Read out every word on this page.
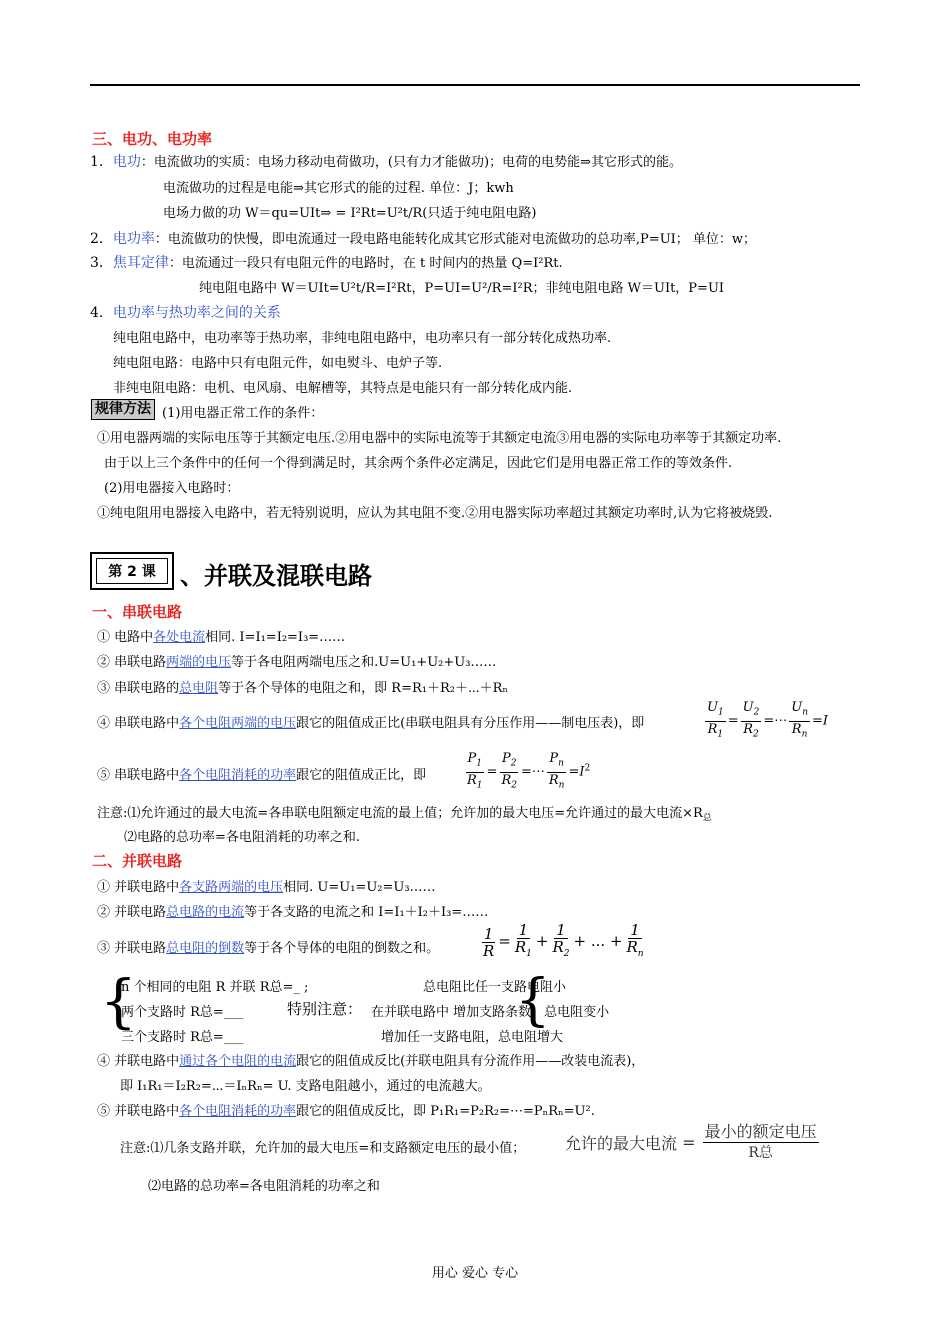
三、电功、电功率
1．电功：电流做功的实质：电场力移动电荷做功，(只有力才能做功)；电荷的电势能⇒其它形式的能。
电流做功的过程是电能⇒其它形式的能的过程. 单位：J；kwh
电场力做的功 W＝qu=UIt⇒ = I²Rt=U²t/R(只适于纯电阻电路)
2．电功率：电流做功的快慢，即电流通过一段电路电能转化成其它形式能对电流做功的总功率,P=UI； 单位：w；
3．焦耳定律：电流通过一段只有电阻元件的电路时，在 t 时间内的热量 Q=I²Rt.
纯电阻电路中 W＝UIt=U²t/R=I²Rt，P=UI=U²/R=I²R；非纯电阻电路 W＝UIt，P=UI
4．电功率与热功率之间的关系
纯电阻电路中，电功率等于热功率，非纯电阻电路中，电功率只有一部分转化成热功率.
纯电阻电路：电路中只有电阻元件，如电熨斗、电炉子等.
非纯电阻电路：电机、电风扇、电解槽等，其特点是电能只有一部分转化成内能.
规律方法 (1)用电器正常工作的条件：
①用电器两端的实际电压等于其额定电压.②用电器中的实际电流等于其额定电流③用电器的实际电功率等于其额定功率.
由于以上三个条件中的任何一个得到满足时，其余两个条件必定满足，因此它们是用电器正常工作的等效条件.
(2)用电器接入电路时：
①纯电阻用电器接入电路中，若无特别说明，应认为其电阻不变.②用电器实际功率超过其额定功率时,认为它将被烧毁.
第 2 课	、并联及混联电路
一、串联电路
① 电路中各处电流相同. I=I₁=I₂=I₃=……
② 串联电路两端的电压等于各电阻两端电压之和.U=U₁+U₂+U₃……
③ 串联电路的总电阻等于各个导体的电阻之和，即 R=R₁＋R₂＋⋯＋Rₙ
④ 串联电路中各个电阻两端的电压跟它的阻值成正比(串联电阻具有分压作用——制电压表)，即	$\frac{U_1}{R_1} = \frac{U_2}{R_2}$ =⋯ $\frac{U_n}{R_n} =I$
⑤ 串联电路中各个电阻消耗的功率跟它的阻值成正比，即	$\frac{P_1}{R_1} = \frac{P_2}{R_2}$ =⋯ $\frac{P_n}{R_n} =I^2$
注意:⑴允许通过的最大电流=各串联电阻额定电流的最上值；允许加的最大电压=允许通过的最大电流$\times R_总$
⑵电路的总功率=各电阻消耗的功率之和.
二、并联电路
① 并联电路中各支路两端的电压相同. U=U₁=U₂=U₃……
② 并联电路总电路的电流等于各支路的电流之和 I=I₁＋I₂＋I₃=……
③ 并联电路总电阻的倒数等于各个导体的电阻的倒数之和。	$\frac{1}{R} = \frac{1}{R_1} + \frac{1}{R_2}$ + ... + $\frac{1}{R_n}$
{
n 个相同的电阻 R 并联 R总=_ ;
两个支路时 R总=___
三个支路时 R总=___
特别注意：	{
总电阻比任一支路电阻小
在并联电路中 增加支路条数，总电阻变小
增加任一支路电阻，总电阻增大
④ 并联电路中通过各个电阻的电流跟它的阻值成反比(并联电阻具有分流作用——改装电流表)，
即 I₁R₁＝I₂R₂=⋯＝IₙRₙ= U. 支路电阻越小，通过的电流越大。
⑤ 并联电路中各个电阻消耗的功率跟它的阻值成反比，即 P₁R₁=P₂R₂=⋯=PₙRₙ=U².
注意:⑴几条支路并联，允许加的最大电压=和支路额定电压的最小值； 允许的最大电流 = $\frac{\text{最小的额定电压}}{\text{R总}}$
⑵电路的总功率=各电阻消耗的功率之和
用心 爱心 专心
